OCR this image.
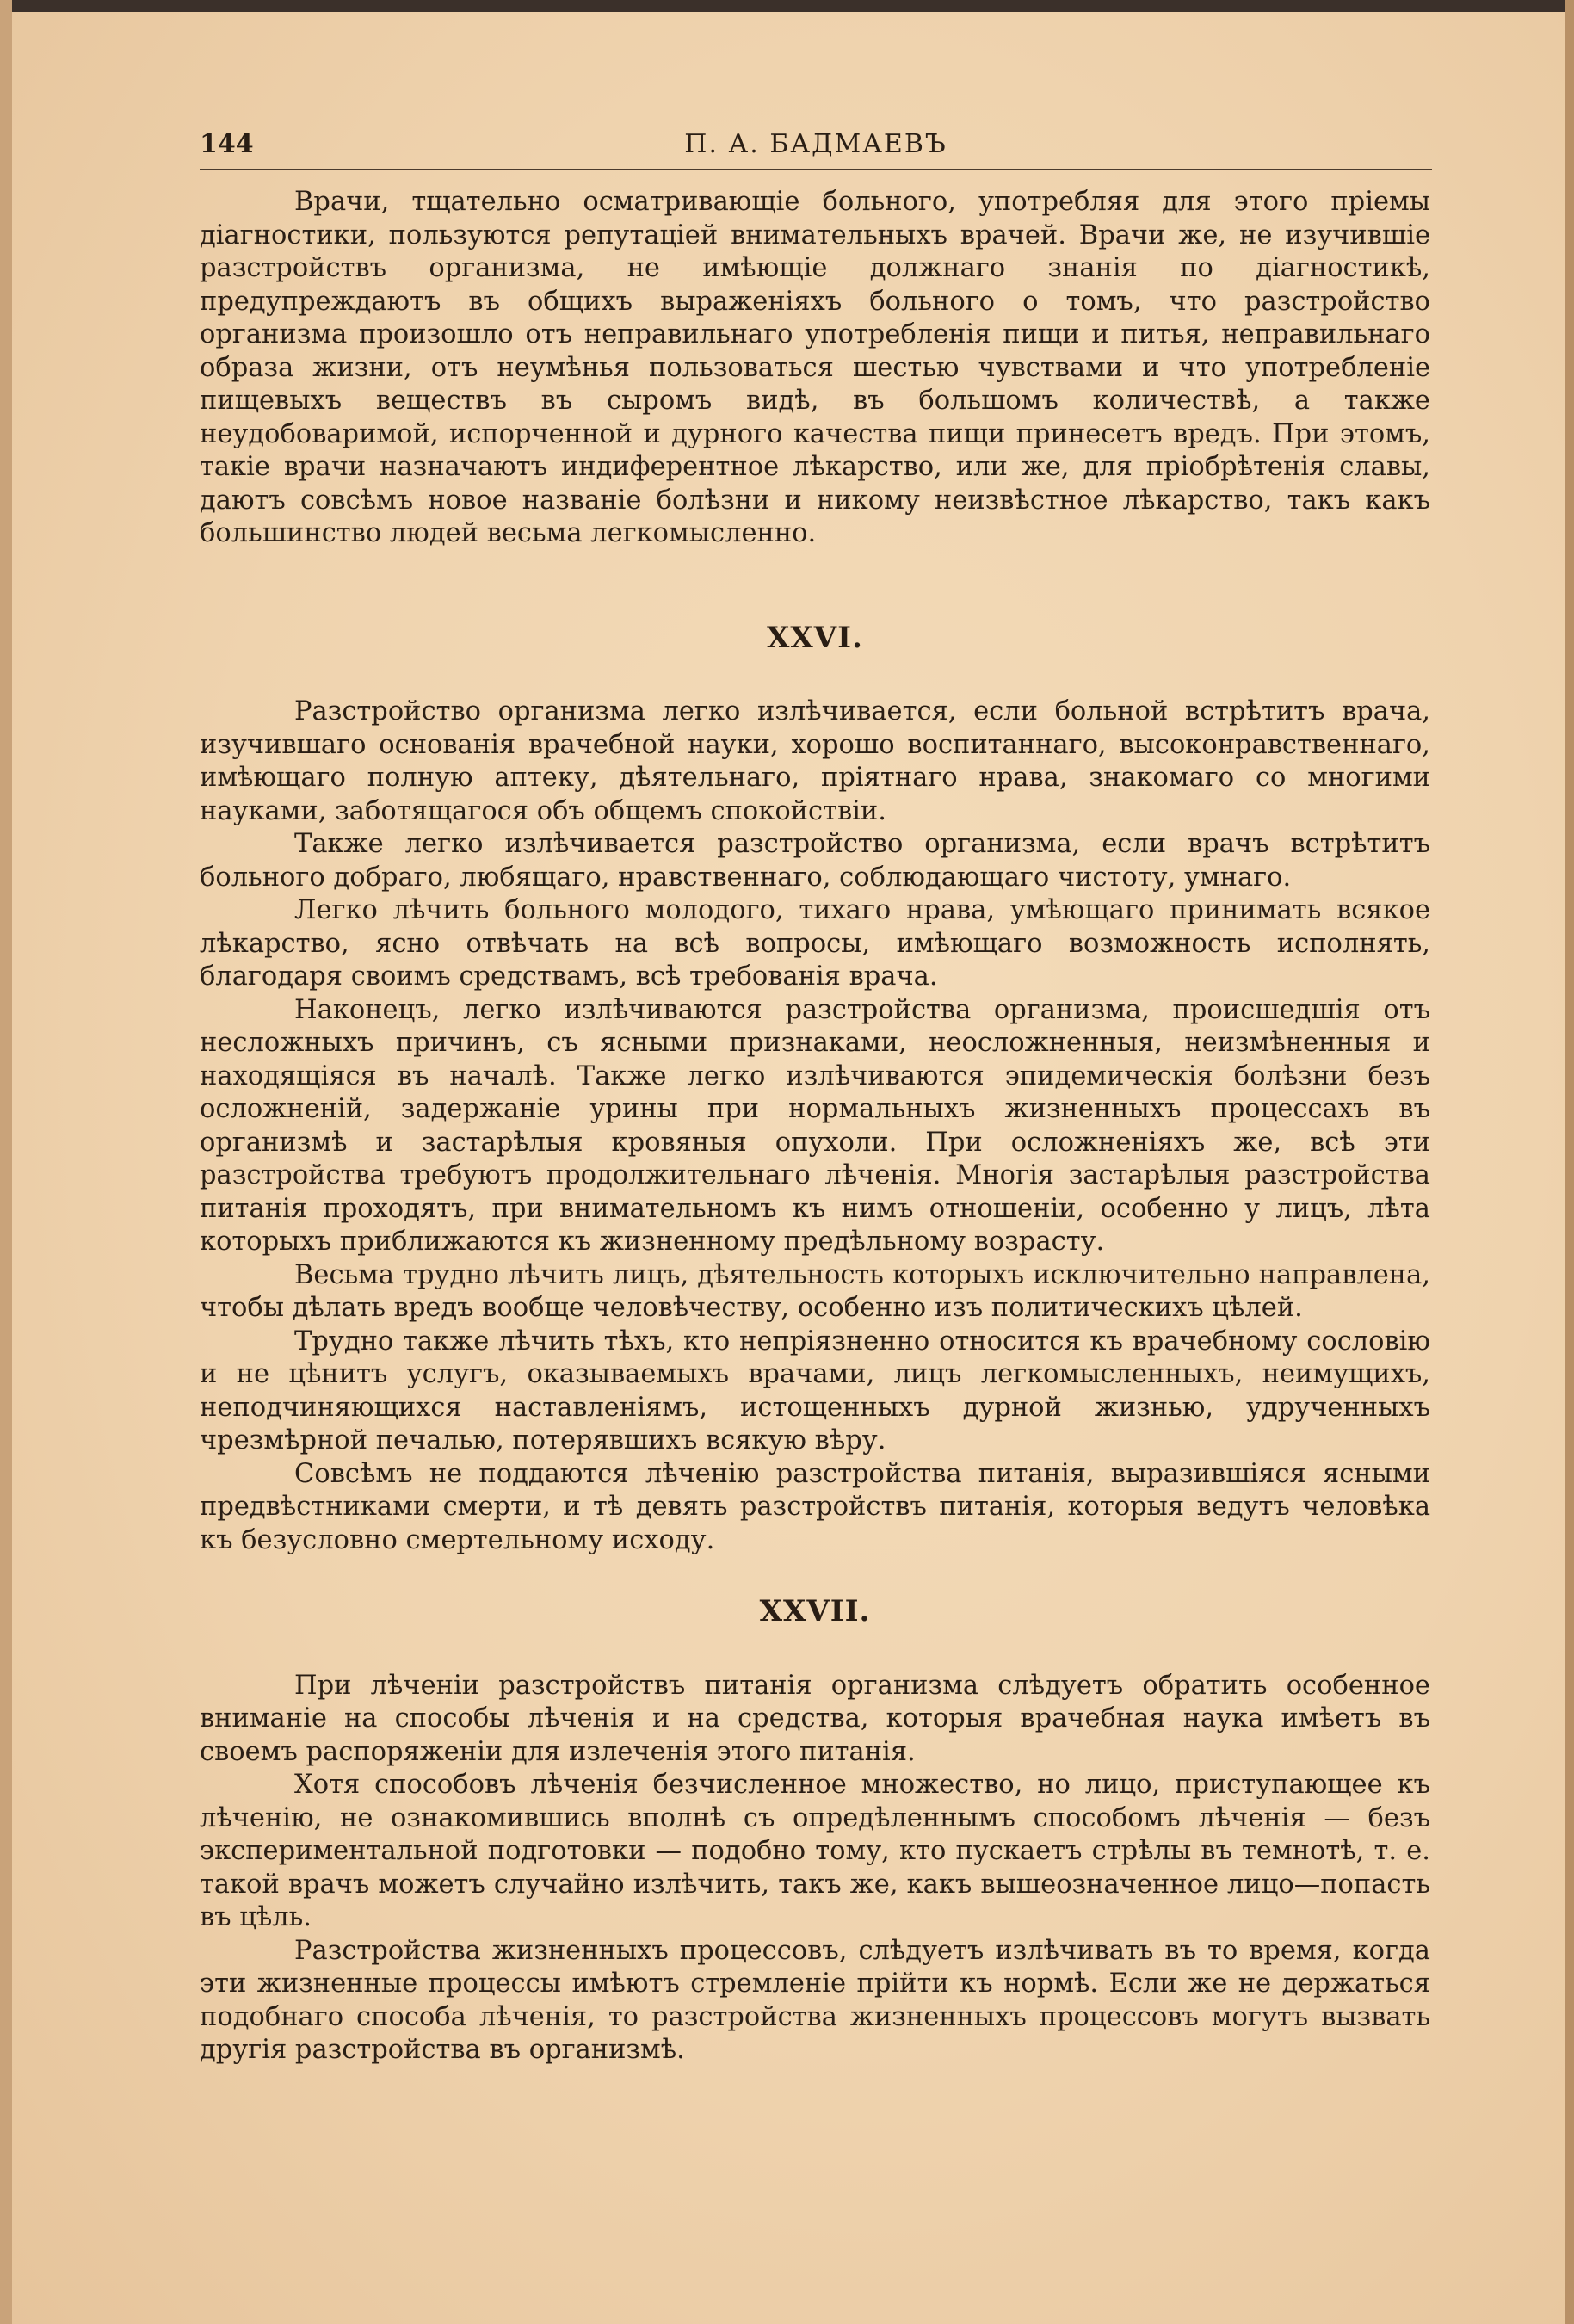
144	П. А. БАДМАЕВЪ

Врачи, тщательно осматривающіе больного, употребляя для этого пріемы діагностики, пользуются репутаціей внимательныхъ врачей. Врачи же, не изучившіе разстройствъ организма, не имѣющіе должнаго знанія по діагностикѣ, предупреждаютъ въ общихъ выраженіяхъ больного о томъ, что разстройство организма произошло отъ неправильнаго употребленія пищи и питья, неправильнаго образа жизни, отъ неумѣнья пользоваться шестью чувствами и что употребленіе пищевыхъ веществъ въ сыромъ видѣ, въ большомъ количествѣ, а также неудобоваримой, испорченной и дурного качества пищи принесетъ вредъ. При этомъ, такіе врачи назначаютъ индиферентное лѣкарство, или же, для пріобрѣтенія славы, даютъ совсѣмъ новое названіе болѣзни и никому неизвѣстное лѣкарство, такъ какъ большинство людей весьма легкомысленно.

XXVI.

Разстройство организма легко излѣчивается, если больной встрѣтитъ врача, изучившаго основанія врачебной науки, хорошо воспитаннаго, высоконравственнаго, имѣющаго полную аптеку, дѣятельнаго, пріятнаго нрава, знакомаго со многими науками, заботящагося объ общемъ спокойствіи.

Также легко излѣчивается разстройство организма, если врачъ встрѣтитъ больного добраго, любящаго, нравственнаго, соблюдающаго чистоту, умнаго.

Легко лѣчить больного молодого, тихаго нрава, умѣющаго принимать всякое лѣкарство, ясно отвѣчать на всѣ вопросы, имѣющаго возможность исполнять, благодаря своимъ средствамъ, всѣ требованія врача.

Наконецъ, легко излѣчиваются разстройства организма, происшедшія отъ несложныхъ причинъ, съ ясными признаками, неосложненныя, неизмѣненныя и находящіяся въ началѣ. Также легко излѣчиваются эпидемическія болѣзни безъ осложненій, задержаніе урины при нормальныхъ жизненныхъ процессахъ въ организмѣ и застарѣлыя кровяныя опухоли. При осложненіяхъ же, всѣ эти разстройства требуютъ продолжительнаго лѣченія. Многія застарѣлыя разстройства питанія проходятъ, при внимательномъ къ нимъ отношеніи, особенно у лицъ, лѣта которыхъ приближаются къ жизненному предѣльному возрасту.

Весьма трудно лѣчить лицъ, дѣятельность которыхъ исключительно направлена, чтобы дѣлать вредъ вообще человѣчеству, особенно изъ политическихъ цѣлей.

Трудно также лѣчить тѣхъ, кто непріязненно относится къ врачебному сословію и не цѣнитъ услугъ, оказываемыхъ врачами, лицъ легкомысленныхъ, неимущихъ, неподчиняющихся наставленіямъ, истощенныхъ дурной жизнью, удрученныхъ чрезмѣрной печалью, потерявшихъ всякую вѣру.

Совсѣмъ не поддаются лѣченію разстройства питанія, выразившіяся ясными предвѣстниками смерти, и тѣ девять разстройствъ питанія, которыя ведутъ человѣка къ безусловно смертельному исходу.

XXVII.

При лѣченіи разстройствъ питанія организма слѣдуетъ обратить особенное вниманіе на способы лѣченія и на средства, которыя врачебная наука имѣетъ въ своемъ распоряженіи для излеченія этого питанія.

Хотя способовъ лѣченія безчисленное множество, но лицо, приступающее къ лѣченію, не ознакомившись вполнѣ съ опредѣленнымъ способомъ лѣченія — безъ экспериментальной подготовки — подобно тому, кто пускаетъ стрѣлы въ темнотѣ, т. е. такой врачъ можетъ случайно излѣчить, такъ же, какъ вышеозначенное лицо—попасть въ цѣль.

Разстройства жизненныхъ процессовъ, слѣдуетъ излѣчивать въ то время, когда эти жизненные процессы имѣютъ стремленіе прійти къ нормѣ. Если же не держаться подобнаго способа лѣченія, то разстройства жизненныхъ процессовъ могутъ вызвать другія разстройства въ организмѣ.
